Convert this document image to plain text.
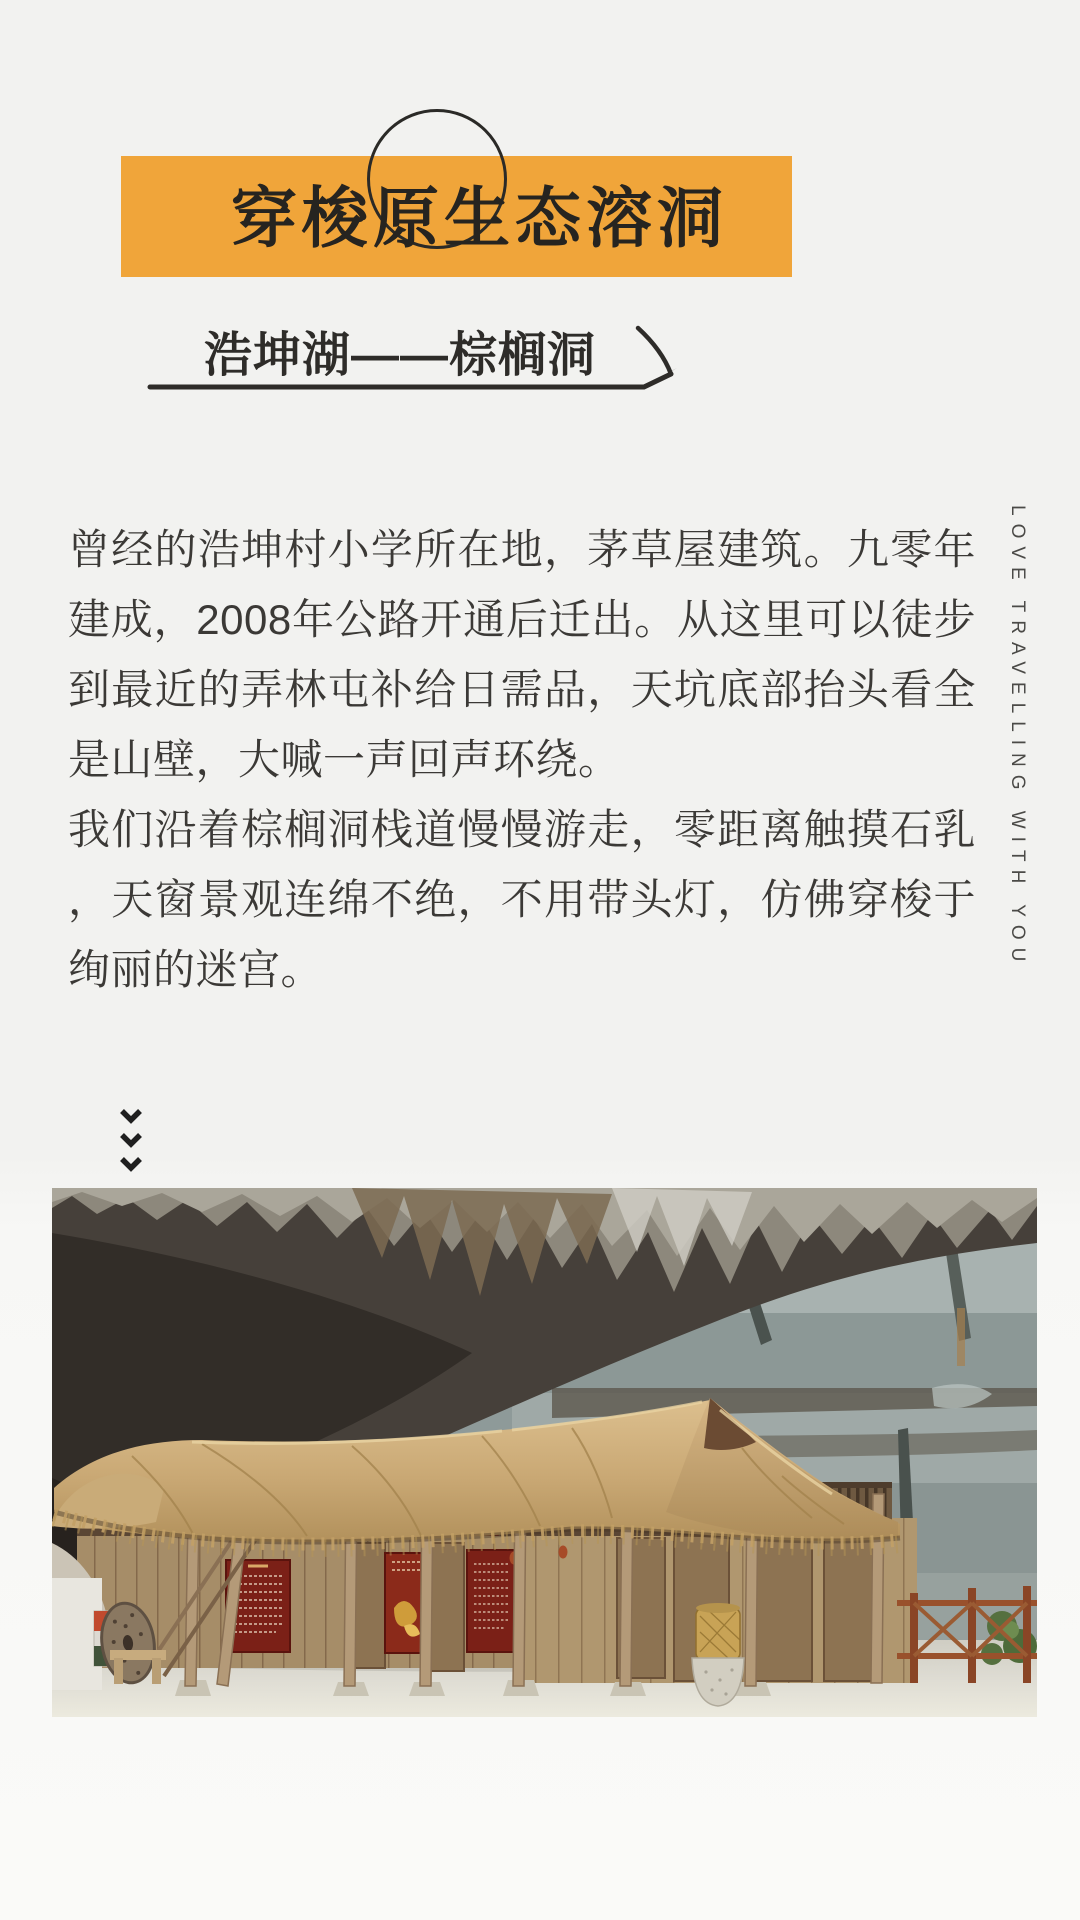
穿梭原生态溶洞
浩坤湖——棕榈洞

曾经的浩坤村小学所在地，茅草屋建筑。九零年建成，2008年公路开通后迁出。从这里可以徒步到最近的弄林屯补给日需品，天坑底部抬头看全是山壁，大喊一声回声环绕。

我们沿着棕榈洞栈道慢慢游走，零距离触摸石乳，天窗景观连绵不绝，不用带头灯，仿佛穿梭于绚丽的迷宫。

LOVE TRAVELLING WITH YOU
